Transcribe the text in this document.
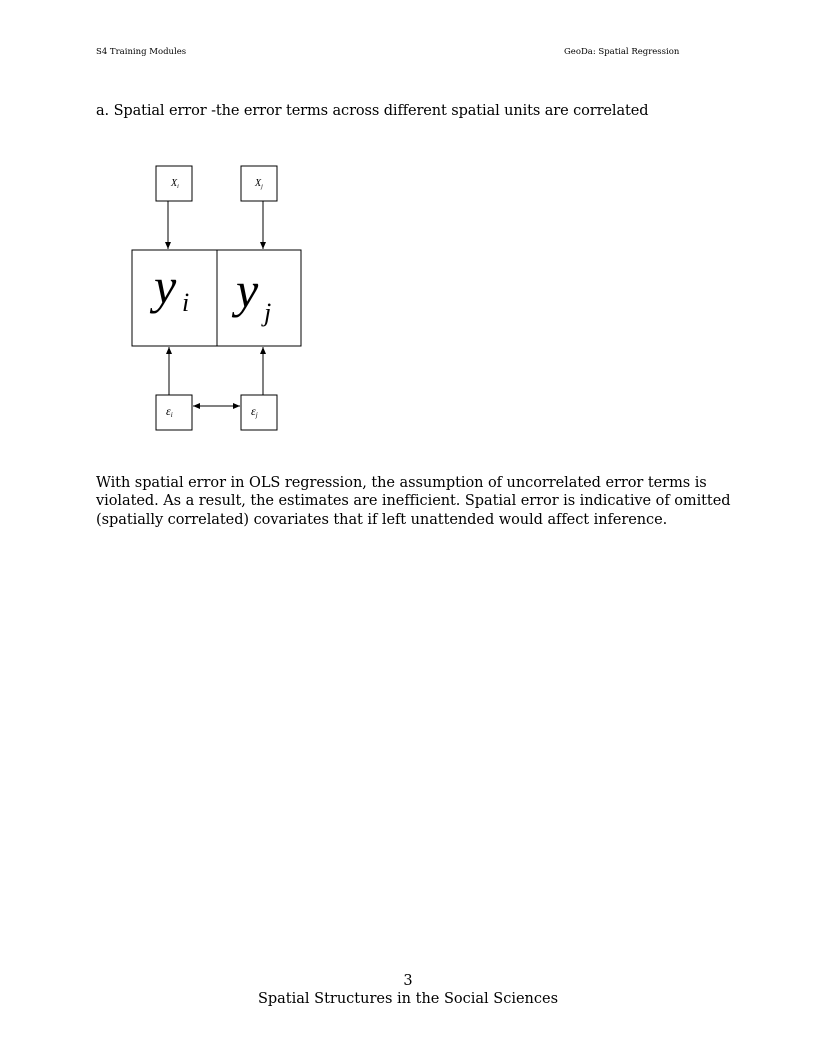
S4 Training Modules	GeoDa: Spatial Regression
a. Spatial error -the error terms across different spatial units are correlated
$X_i$	$X_j$
y i y j
εi	εj
With spatial error in OLS regression, the assumption of uncorrelated error terms is
violated. As a result, the estimates are inefficient. Spatial error is indicative of omitted
(spatially correlated) covariates that if left unattended would affect inference.
3
Spatial Structures in the Social Sciences
